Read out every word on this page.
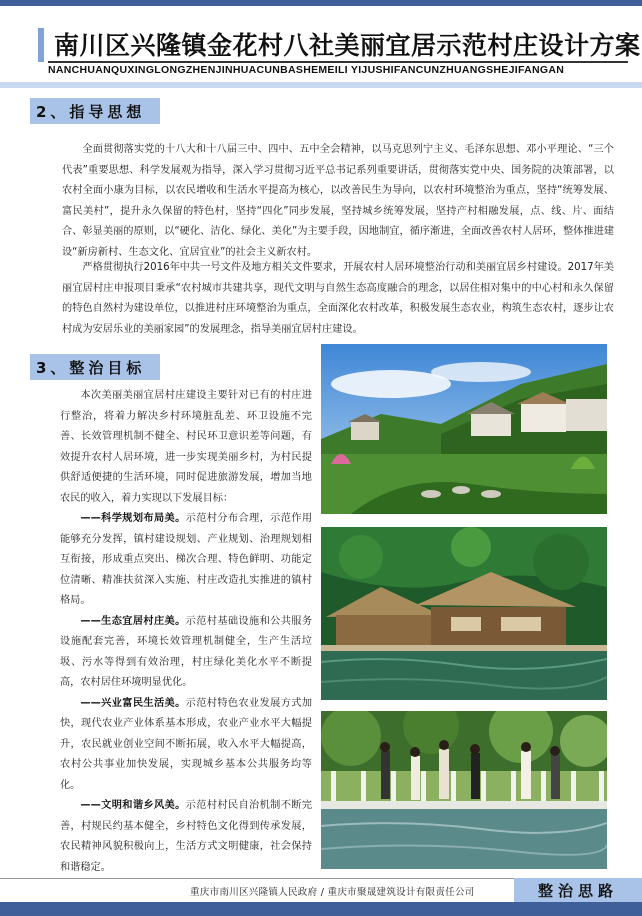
南川区兴隆镇金花村八社美丽宜居示范村庄设计方案
NANCHUANQUXINGLONGZHENJINHUACUNBASHEMEILI YIJUSHIFANCUNZHUANGSHEJIFANGAN
2、指导思想
全面贯彻落实党的十八大和十八届三中、四中、五中全会精神，以马克思列宁主义、毛泽东思想、邓小平理论、“三个代表”重要思想、科学发展观为指导，深入学习贯彻习近平总书记系列重要讲话，贯彻落实党中央、国务院的决策部署，以农村全面小康为目标，以农民增收和生活水平提高为核心，以改善民生为导向，以农村环境整治为重点，坚持“统筹发展、富民美村”，提升永久保留的特色村，坚持“四化”同步发展，坚持城乡统筹发展，坚持产村相融发展，点、线、片、面结合、彰显美丽的原则，以“硬化、洁化、绿化、美化”为主要手段，因地制宜，循序渐进，全面改善农村人居环，整体推进建设“新房新村、生态文化、宜居宜业”的社会主义新农村。
严格贯彻执行2016年中共一号文件及地方相关文件要求，开展农村人居环境整治行动和美丽宜居乡村建设。2017年美丽宜居村庄申报项目秉承“农村城市共建共享，现代文明与自然生态高度融合的理念，以居住相对集中的中心村和永久保留的特色自然村为建设单位，以推进村庄环境整治为重点，全面深化农村改革，积极发展生态农业，构筑生态农村，逐步让农村成为安居乐业的美丽家园”的发展理念，指导美丽宜居村庄建设。
3、整治目标

本次美丽美丽宜居村庄建设主要针对已有的村庄进行整治，将着力解决乡村环境脏乱差、环卫设施不完善、长效管理机制不健全、村民环卫意识差等问题，有效提升农村人居环境，进一步实现美丽乡村，为村民提供舒适便捷的生活环境，同时促进旅游发展，增加当地农民的收入，着力实现以下发展目标：

——科学规划布局美。示范村分布合理，示范作用能够充分发挥，镇村建设规划、产业规划、治理规划相互衔接，形成重点突出、梯次合理、特色鲜明、功能定位清晰、精准扶贫深入实施、村庄改造扎实推进的镇村格局。

——生态宜居村庄美。示范村基础设施和公共服务设施配套完善，环境长效管理机制健全，生产生活垃圾、污水等得到有效治理，村庄绿化美化水平不断提高，农村居住环境明显优化。

——兴业富民生活美。示范村特色农业发展方式加快，现代农业产业体系基本形成，农业产业水平大幅提升，农民就业创业空间不断拓展，收入水平大幅提高，农村公共事业加快发展，实现城乡基本公共服务均等化。

——文明和谐乡风美。示范村村民自治机制不断完善，村规民约基本健全，乡村特色文化得到传承发展，农民精神风貌积极向上，生活方式文明健康，社会保持和谐稳定。

重庆市南川区兴隆镇人民政府 / 重庆市聚晟建筑设计有限责任公司	整治思路
